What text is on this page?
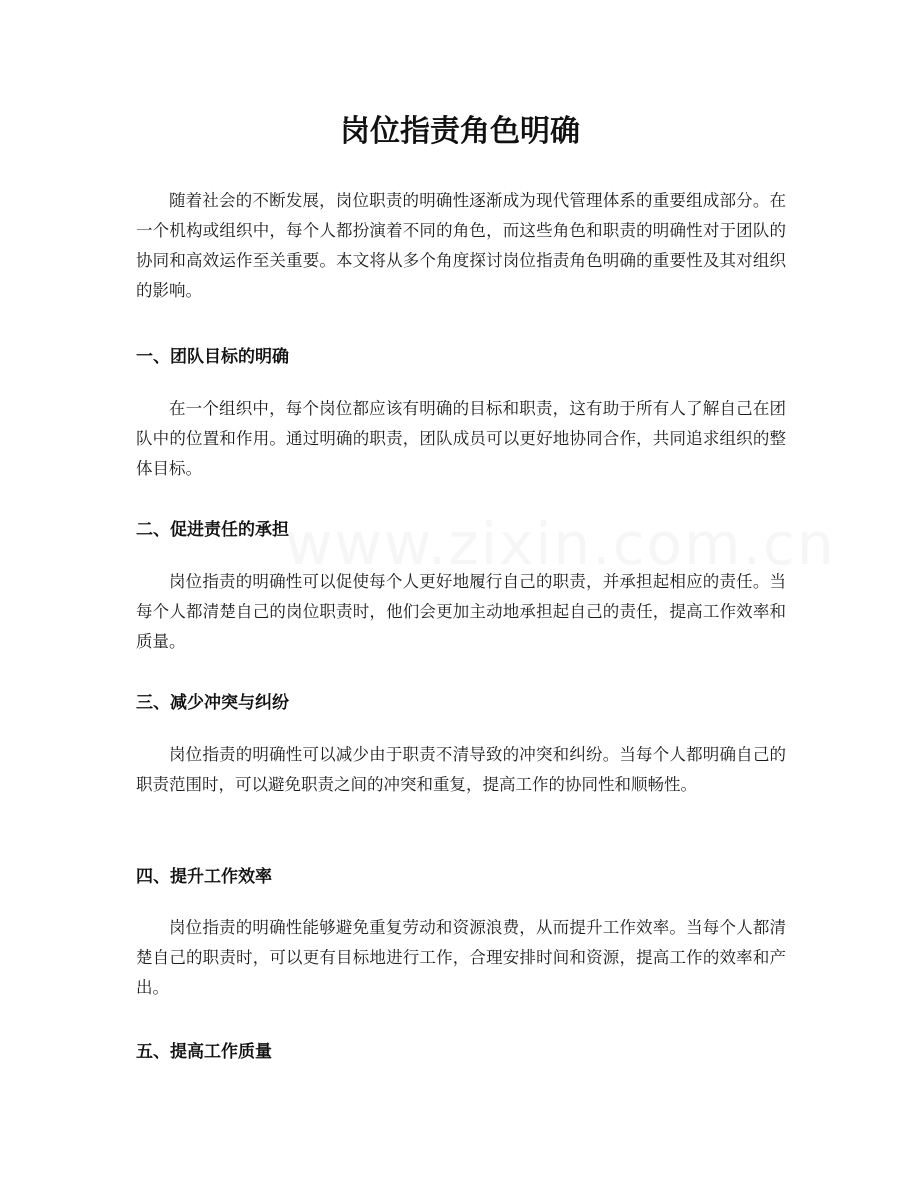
www.zixin.com.cn
岗位指责角色明确

随着社会的不断发展，岗位职责的明确性逐渐成为现代管理体系的重要组成部分。在一个机构或组织中，每个人都扮演着不同的角色，而这些角色和职责的明确性对于团队的协同和高效运作至关重要。本文将从多个角度探讨岗位指责角色明确的重要性及其对组织的影响。

一、团队目标的明确

在一个组织中，每个岗位都应该有明确的目标和职责，这有助于所有人了解自己在团队中的位置和作用。通过明确的职责，团队成员可以更好地协同合作，共同追求组织的整体目标。

二、促进责任的承担

岗位指责的明确性可以促使每个人更好地履行自己的职责，并承担起相应的责任。当每个人都清楚自己的岗位职责时，他们会更加主动地承担起自己的责任，提高工作效率和质量。

三、减少冲突与纠纷

岗位指责的明确性可以减少由于职责不清导致的冲突和纠纷。当每个人都明确自己的职责范围时，可以避免职责之间的冲突和重复，提高工作的协同性和顺畅性。

四、提升工作效率

岗位指责的明确性能够避免重复劳动和资源浪费，从而提升工作效率。当每个人都清楚自己的职责时，可以更有目标地进行工作，合理安排时间和资源，提高工作的效率和产出。

五、提高工作质量
